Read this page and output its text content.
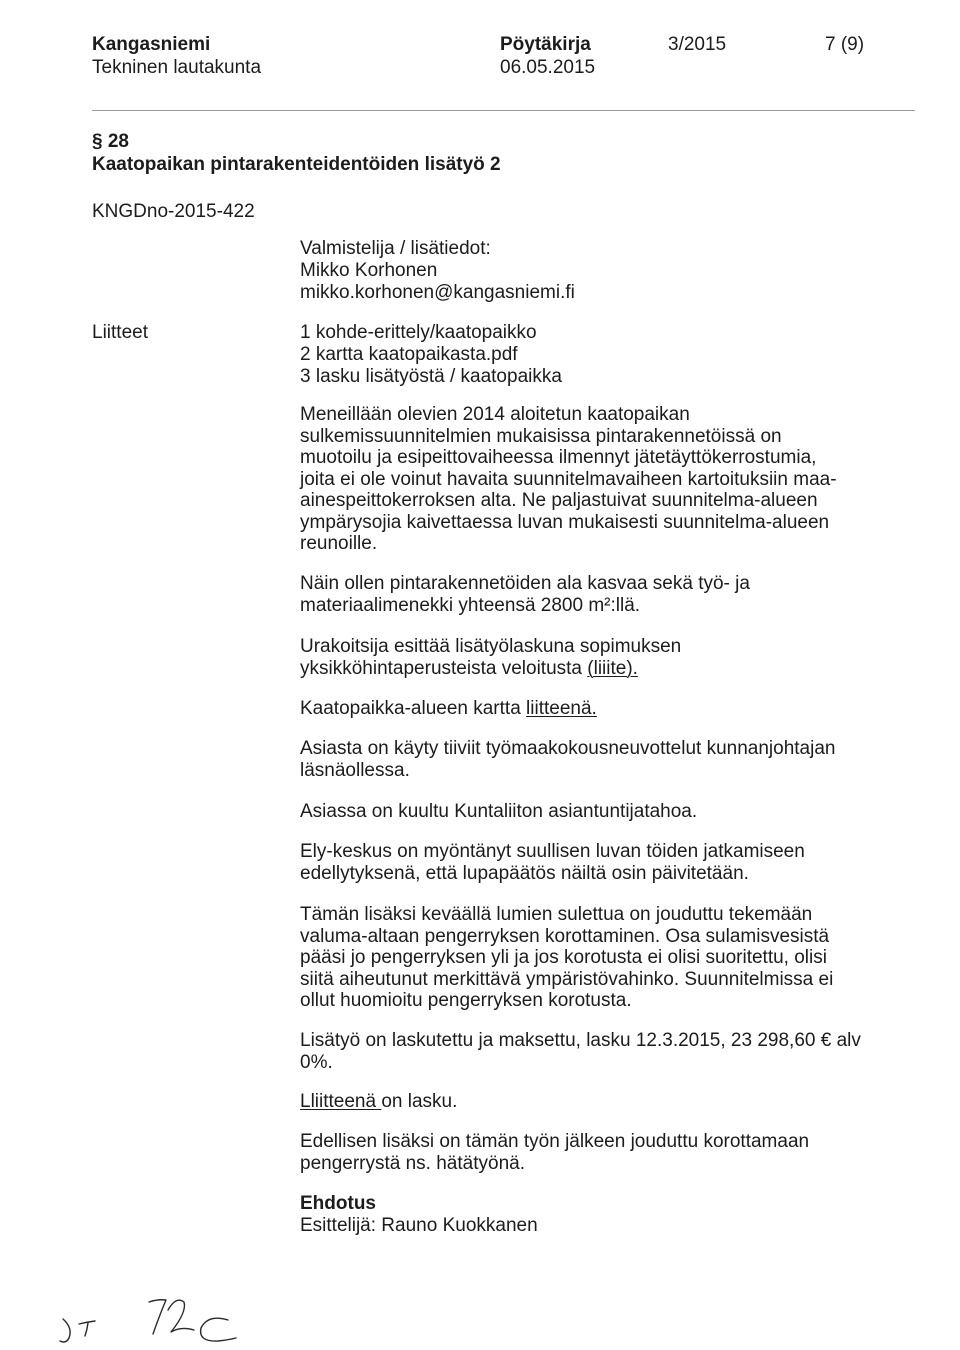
Kangasniemi
Tekninen lautakunta
Pöytäkirja
06.05.2015
3/2015	7 (9)
§ 28
Kaatopaikan pintarakenteidentöiden lisätyö 2
KNGDno-2015-422
Valmistelija / lisätiedot:
Mikko Korhonen
mikko.korhonen@kangasniemi.fi
Liitteet	1 kohde-erittely/kaatopaikko
2 kartta kaatopaikasta.pdf
3 lasku lisätyöstä / kaatopaikka
Meneillään olevien 2014 aloitetun kaatopaikan
sulkemissuunnitelmien mukaisissa pintarakennetöissä on
muotoilu ja esipeittovaiheessa ilmennyt jätetäyttökerrostumia,
joita ei ole voinut havaita suunnitelmavaiheen kartoituksiin maa-
ainespeittokerroksen alta. Ne paljastuivat suunnitelma-alueen
ympärysojia kaivettaessa luvan mukaisesti suunnitelma-alueen
reunoille.
Näin ollen pintarakennetöiden ala kasvaa sekä työ- ja
materiaalimenekki yhteensä 2800 m²:llä.
Urakoitsija esittää lisätyölaskuna sopimuksen
yksikköhintaperusteista veloitusta (liiite).
Kaatopaikka-alueen kartta liitteenä.
Asiasta on käyty tiiviit työmaakokousneuvottelut kunnanjohtajan
läsnäollessa.
Asiassa on kuultu Kuntaliiton asiantuntijatahoa.
Ely-keskus on myöntänyt suullisen luvan töiden jatkamiseen
edellytyksenä, että lupapäätös näiltä osin päivitetään.
Tämän lisäksi keväällä lumien sulettua on jouduttu tekemään
valuma-altaan pengerryksen korottaminen. Osa sulamisvesistä
pääsi jo pengerryksen yli ja jos korotusta ei olisi suoritettu, olisi
siitä aiheutunut merkittävä ympäristövahinko. Suunnitelmissa ei
ollut huomioitu pengerryksen korotusta.
Lisätyö on laskutettu ja maksettu, lasku 12.3.2015, 23 298,60 € alv
0%.
Lliitteenä on lasku.
Edellisen lisäksi on tämän työn jälkeen jouduttu korottamaan
pengerrystä ns. hätätyönä.
Ehdotus
Esittelijä: Rauno Kuokkanen
